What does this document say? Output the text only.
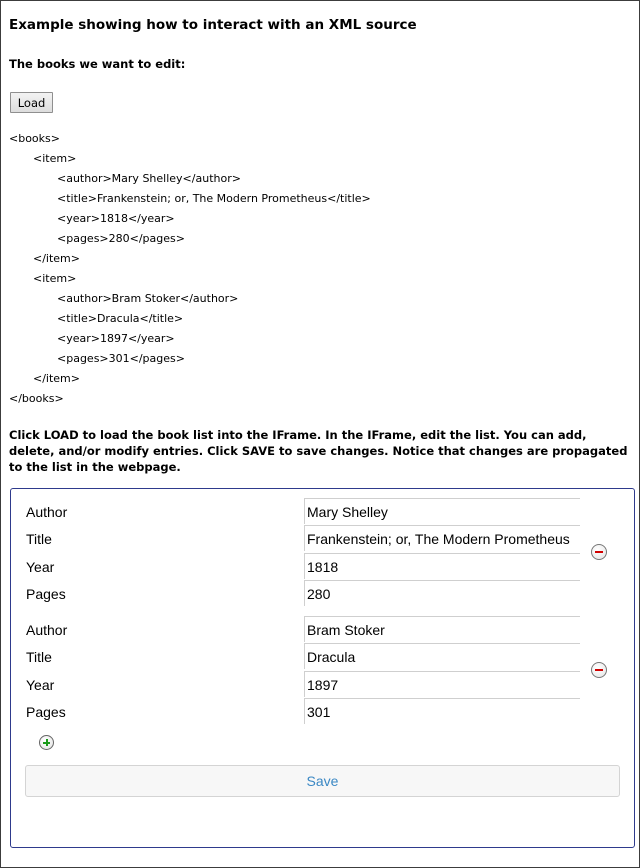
Example showing how to interact with an XML source
The books we want to edit:
Load
<books>
<item>
<author>Mary Shelley</author>
<title>Frankenstein; or, The Modern Prometheus</title>
<year>1818</year>
<pages>280</pages>
</item>
<item>
<author>Bram Stoker</author>
<title>Dracula</title>
<year>1897</year>
<pages>301</pages>
</item>
</books>
Click LOAD to load the book list into the IFrame. In the IFrame, edit the list. You can add, delete, and/or modify entries. Click SAVE to save changes. Notice that changes are propagated to the list in the webpage.
Author
Mary Shelley
Title
Frankenstein; or, The Modern Prometheus
Year
1818
Pages
280
Author
Bram Stoker
Title
Dracula
Year
1897
Pages
301
Save
